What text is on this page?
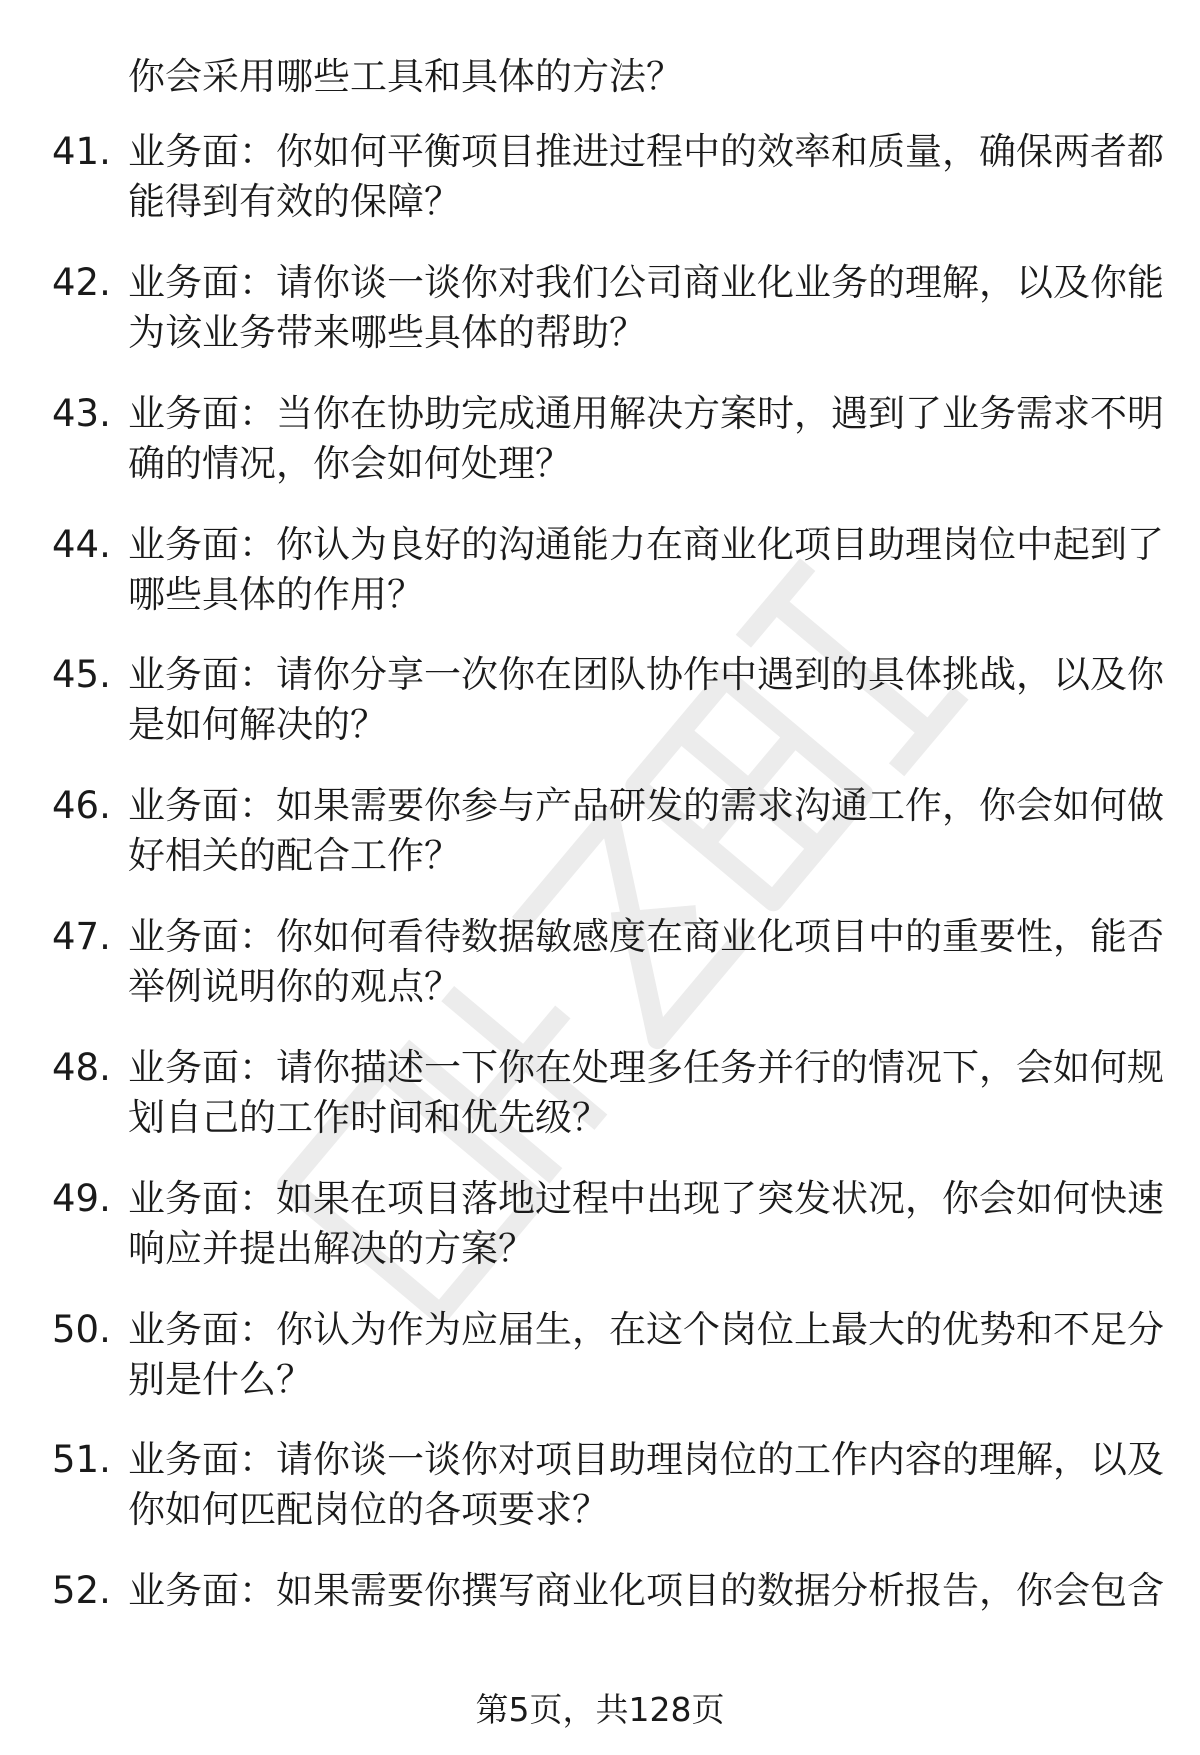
你会采用哪些工具和具体的方法？
41. 业务面：你如何平衡项目推进过程中的效率和质量，确保两者都
能得到有效的保障？
42. 业务面：请你谈一谈你对我们公司商业化业务的理解，以及你能
为该业务带来哪些具体的帮助？
43. 业务面：当你在协助完成通用解决方案时，遇到了业务需求不明
确的情况，你会如何处理？
44. 业务面：你认为良好的沟通能力在商业化项目助理岗位中起到了
哪些具体的作用？
45. 业务面：请你分享一次你在团队协作中遇到的具体挑战，以及你
是如何解决的？
46. 业务面：如果需要你参与产品研发的需求沟通工作，你会如何做
好相关的配合工作？
47. 业务面：你如何看待数据敏感度在商业化项目中的重要性，能否
举例说明你的观点？
48. 业务面：请你描述一下你在处理多任务并行的情况下，会如何规
划自己的工作时间和优先级？
49. 业务面：如果在项目落地过程中出现了突发状况，你会如何快速
响应并提出解决的方案？
50. 业务面：你认为作为应届生，在这个岗位上最大的优势和不足分
别是什么？
51. 业务面：请你谈一谈你对项目助理岗位的工作内容的理解，以及
你如何匹配岗位的各项要求？
52. 业务面：如果需要你撰写商业化项目的数据分析报告，你会包含
第5页，共128页
